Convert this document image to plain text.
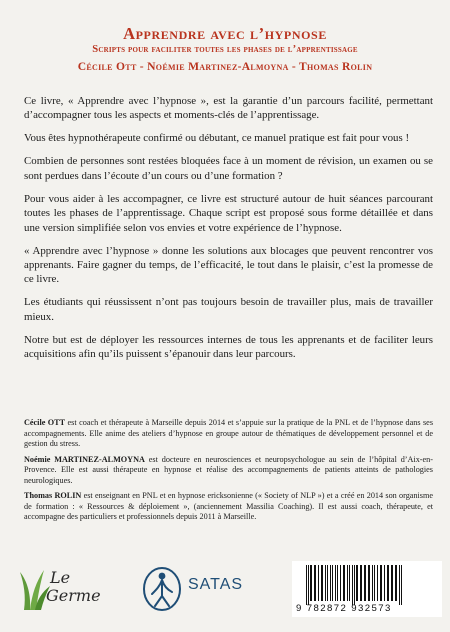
Apprendre avec l’hypnose
Scripts pour faciliter toutes les phases de l’apprentissage
Cécile Ott - Noémie Martinez-Almoyna - Thomas Rolin

Ce livre, « Apprendre avec l’hypnose », est la garantie d’un parcours facilité, permettant d’accompagner tous les aspects et moments-clés de l’apprentissage.

Vous êtes hypnothérapeute confirmé ou débutant, ce manuel pratique est fait pour vous !

Combien de personnes sont restées bloquées face à un moment de révision, un examen ou se sont perdues dans l’écoute d’un cours ou d’une formation ?

Pour vous aider à les accompagner, ce livre est structuré autour de huit séances parcourant toutes les phases de l’apprentissage. Chaque script est proposé sous forme détaillée et dans une version simplifiée selon vos envies et votre expérience de l’hypnose.

« Apprendre avec l’hypnose » donne les solutions aux blocages que peuvent rencontrer vos apprenants. Faire gagner du temps, de l’efficacité, le tout dans le plaisir, c’est la promesse de ce livre.

Les étudiants qui réussissent n’ont pas toujours besoin de travailler plus, mais de travailler mieux.

Notre but est de déployer les ressources internes de tous les apprenants et de faciliter leurs acquisitions afin qu’ils puissent s’épanouir dans leur parcours.

Cécile OTT est coach et thérapeute à Marseille depuis 2014 et s’appuie sur la pratique de la PNL et de l’hypnose dans ses accompagnements. Elle anime des ateliers d’hypnose en groupe autour de thématiques de développement personnel et de gestion du stress.

Noémie MARTINEZ-ALMOYNA est docteure en neurosciences et neuropsychologue au sein de l’hôpital d’Aix-en-Provence. Elle est aussi thérapeute en hypnose et réalise des accompagnements de patients atteints de pathologies neurologiques.

Thomas ROLIN est enseignant en PNL et en hypnose ericksonienne (« Society of NLP ») et a créé en 2014 son organisme de formation : « Ressources & déploiement », (anciennement Massilia Coaching). Il est aussi coach, thérapeute, et accompagne des particuliers et professionnels depuis 2011 à Marseille.

Le
Germe
SATAS
9 782872 932573
